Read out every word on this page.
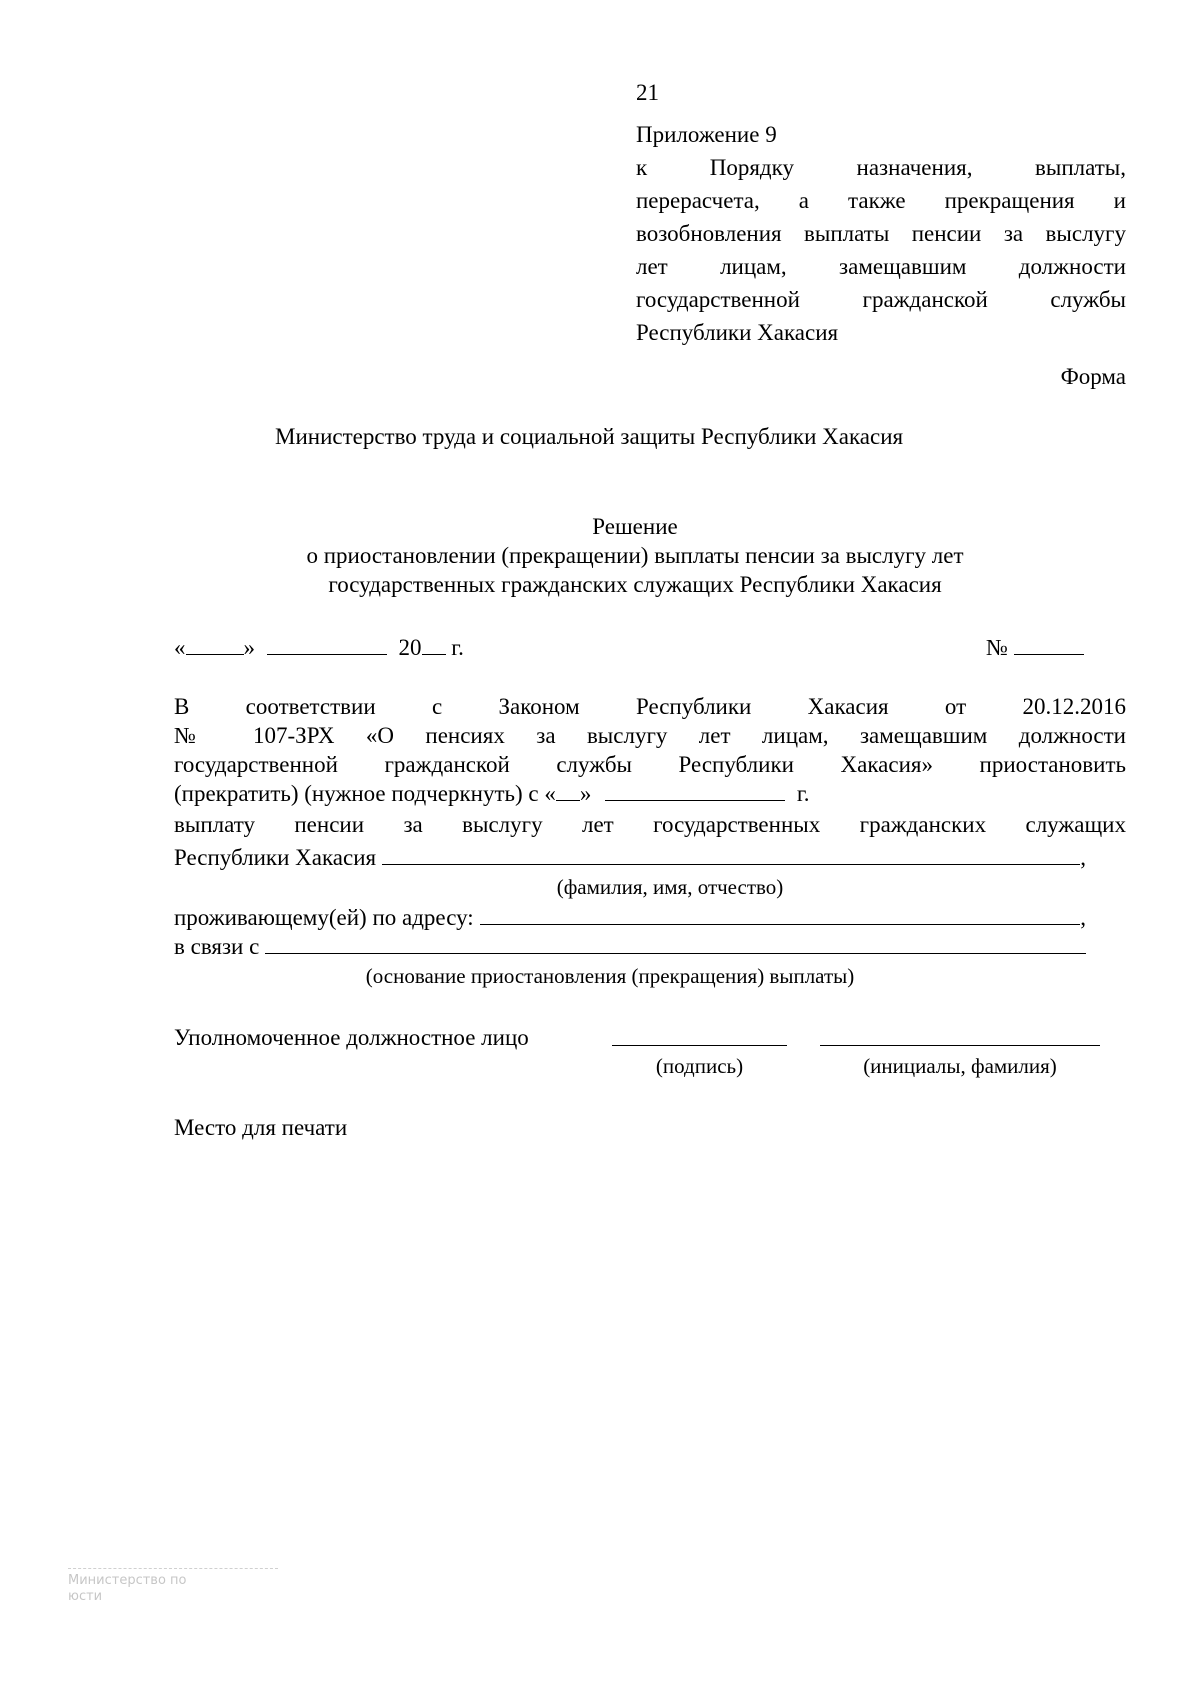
21
Приложение 9
к Порядку назначения, выплаты,
перерасчета, а также прекращения и
возобновления выплаты пенсии за выслугу
лет лицам, замещавшим должности
государственной гражданской службы
Республики Хакасия
Форма
Министерство труда и социальной защиты Республики Хакасия
Решение
о приостановлении (прекращении) выплаты пенсии за выслугу лет
государственных гражданских служащих Республики Хакасия
«	»	20 г.	№
В соответствии с Законом Республики Хакасия от 20.12.2016
№ 107-ЗРХ «О пенсиях за выслугу лет лицам, замещавшим должности
государственной гражданской службы Республики Хакасия» приостановить
(прекратить) (нужное подчеркнуть) с « »	г.
выплату пенсии за выслугу лет государственных гражданских служащих
Республики Хакасия	,
(фамилия, имя, отчество)
проживающему(ей) по адресу:	,
в связи с
(основание приостановления (прекращения) выплаты)
Уполномоченное должностное лицо
(подпись)	(инициалы, фамилия)
Место для печати
Министерство по
юсти
